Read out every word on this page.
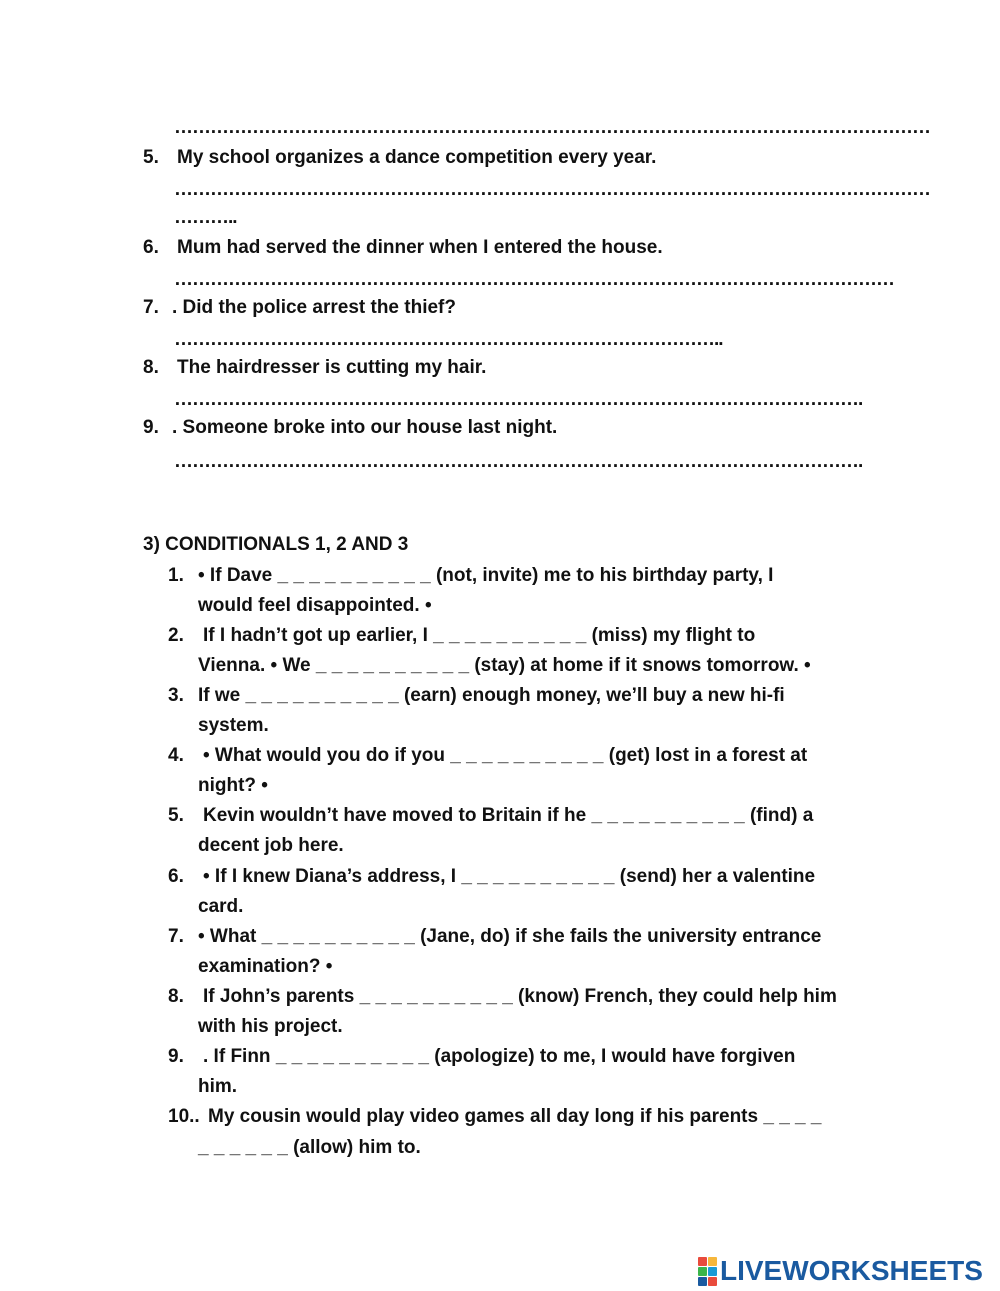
………………………………………………………………………………………………………………
5. My school organizes a dance competition every year.
………………………………………………………………………………………………………………
………..
6. Mum had served the dinner when I entered the house.
…………………………………………………………………………………………………………
7. . Did the police arrest the thief?
………………………………………………………………………………..
8. The hairdresser is cutting my hair.
…………………………………………………………………………………………………….
9. . Someone broke into our house last night.
…………………………………………………………………………………………………….
3) CONDITIONALS 1, 2 AND 3
1. • If Dave _ _ _ _ _ _ _ _ _ _ (not, invite) me to his birthday party, I
would feel disappointed. •
2. If I hadn’t got up earlier, I _ _ _ _ _ _ _ _ _ _ (miss) my flight to
Vienna. • We _ _ _ _ _ _ _ _ _ _ (stay) at home if it snows tomorrow. •
3. If we _ _ _ _ _ _ _ _ _ _ (earn) enough money, we’ll buy a new hi-fi
system.
4. • What would you do if you _ _ _ _ _ _ _ _ _ _ (get) lost in a forest at
night? •
5. Kevin wouldn’t have moved to Britain if he _ _ _ _ _ _ _ _ _ _ (find) a
decent job here.
6. • If I knew Diana’s address, I _ _ _ _ _ _ _ _ _ _ (send) her a valentine
card.
7. • What _ _ _ _ _ _ _ _ _ _ (Jane, do) if she fails the university entrance
examination? •
8. If John’s parents _ _ _ _ _ _ _ _ _ _ (know) French, they could help him
with his project.
9. . If Finn _ _ _ _ _ _ _ _ _ _ (apologize) to me, I would have forgiven
him.
10.. My cousin would play video games all day long if his parents _ _ _ _
_ _ _ _ _ _ (allow) him to.
LIVEWORKSHEETS
